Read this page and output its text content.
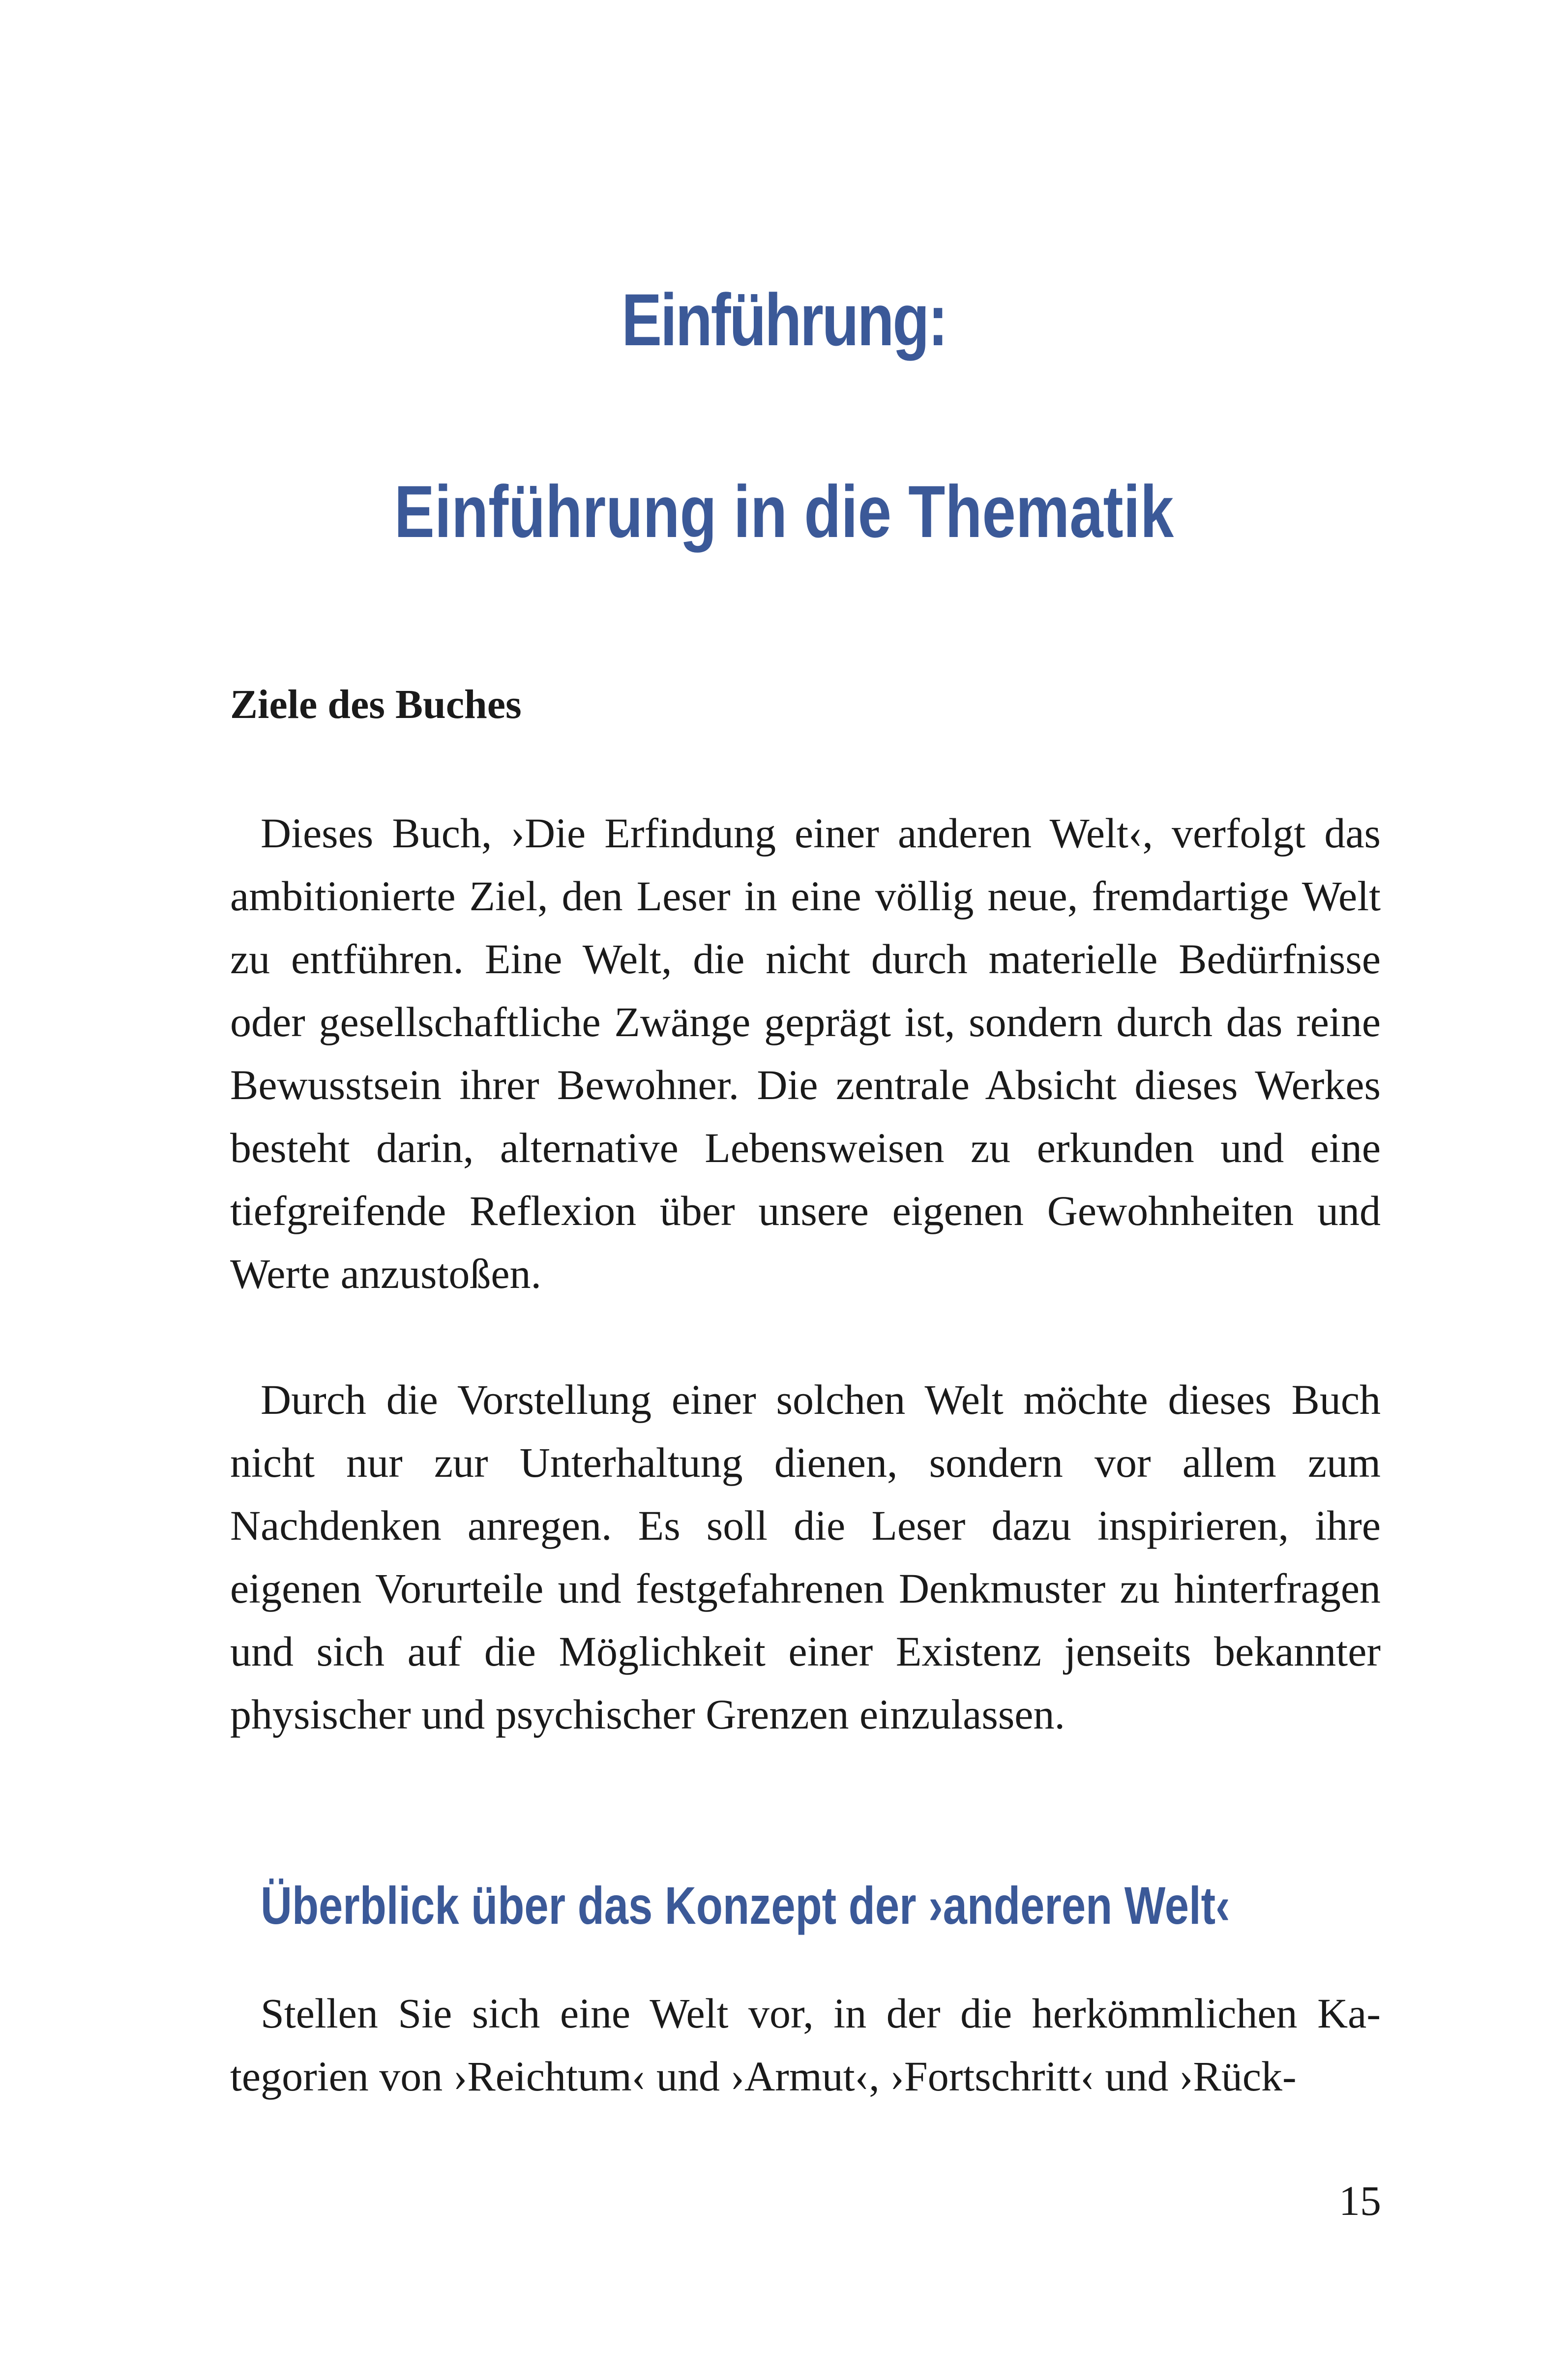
Einführung:
Einführung in die Thematik
Ziele des Buches

Dieses Buch, ›Die Erfindung einer anderen Welt‹, verfolgt das ambitionierte Ziel, den Leser in eine völlig neue, fremdartige Welt zu entführen. Eine Welt, die nicht durch materielle Bedürfnisse oder gesellschaftliche Zwänge geprägt ist, sondern durch das reine Bewusstsein ihrer Bewohner. Die zentrale Absicht dieses Werkes besteht darin, alternative Lebensweisen zu erkunden und eine tiefgreifende Reflexion über unsere eigenen Gewohnheiten und Werte anzustoßen.

Durch die Vorstellung einer solchen Welt möchte dieses Buch nicht nur zur Unterhaltung dienen, sondern vor allem zum Nachdenken anregen. Es soll die Leser dazu inspirieren, ihre eigenen Vorurteile und festgefahrenen Denkmuster zu hinterfragen und sich auf die Möglichkeit einer Existenz jenseits bekannter physischer und psychischer Grenzen einzulassen.

Überblick über das Konzept der ›anderen Welt‹

Stellen Sie sich eine Welt vor, in der die herkömmlichen Kategorien von ›Reichtum‹ und ›Armut‹, ›Fortschritt‹ und ›Rück-

15
